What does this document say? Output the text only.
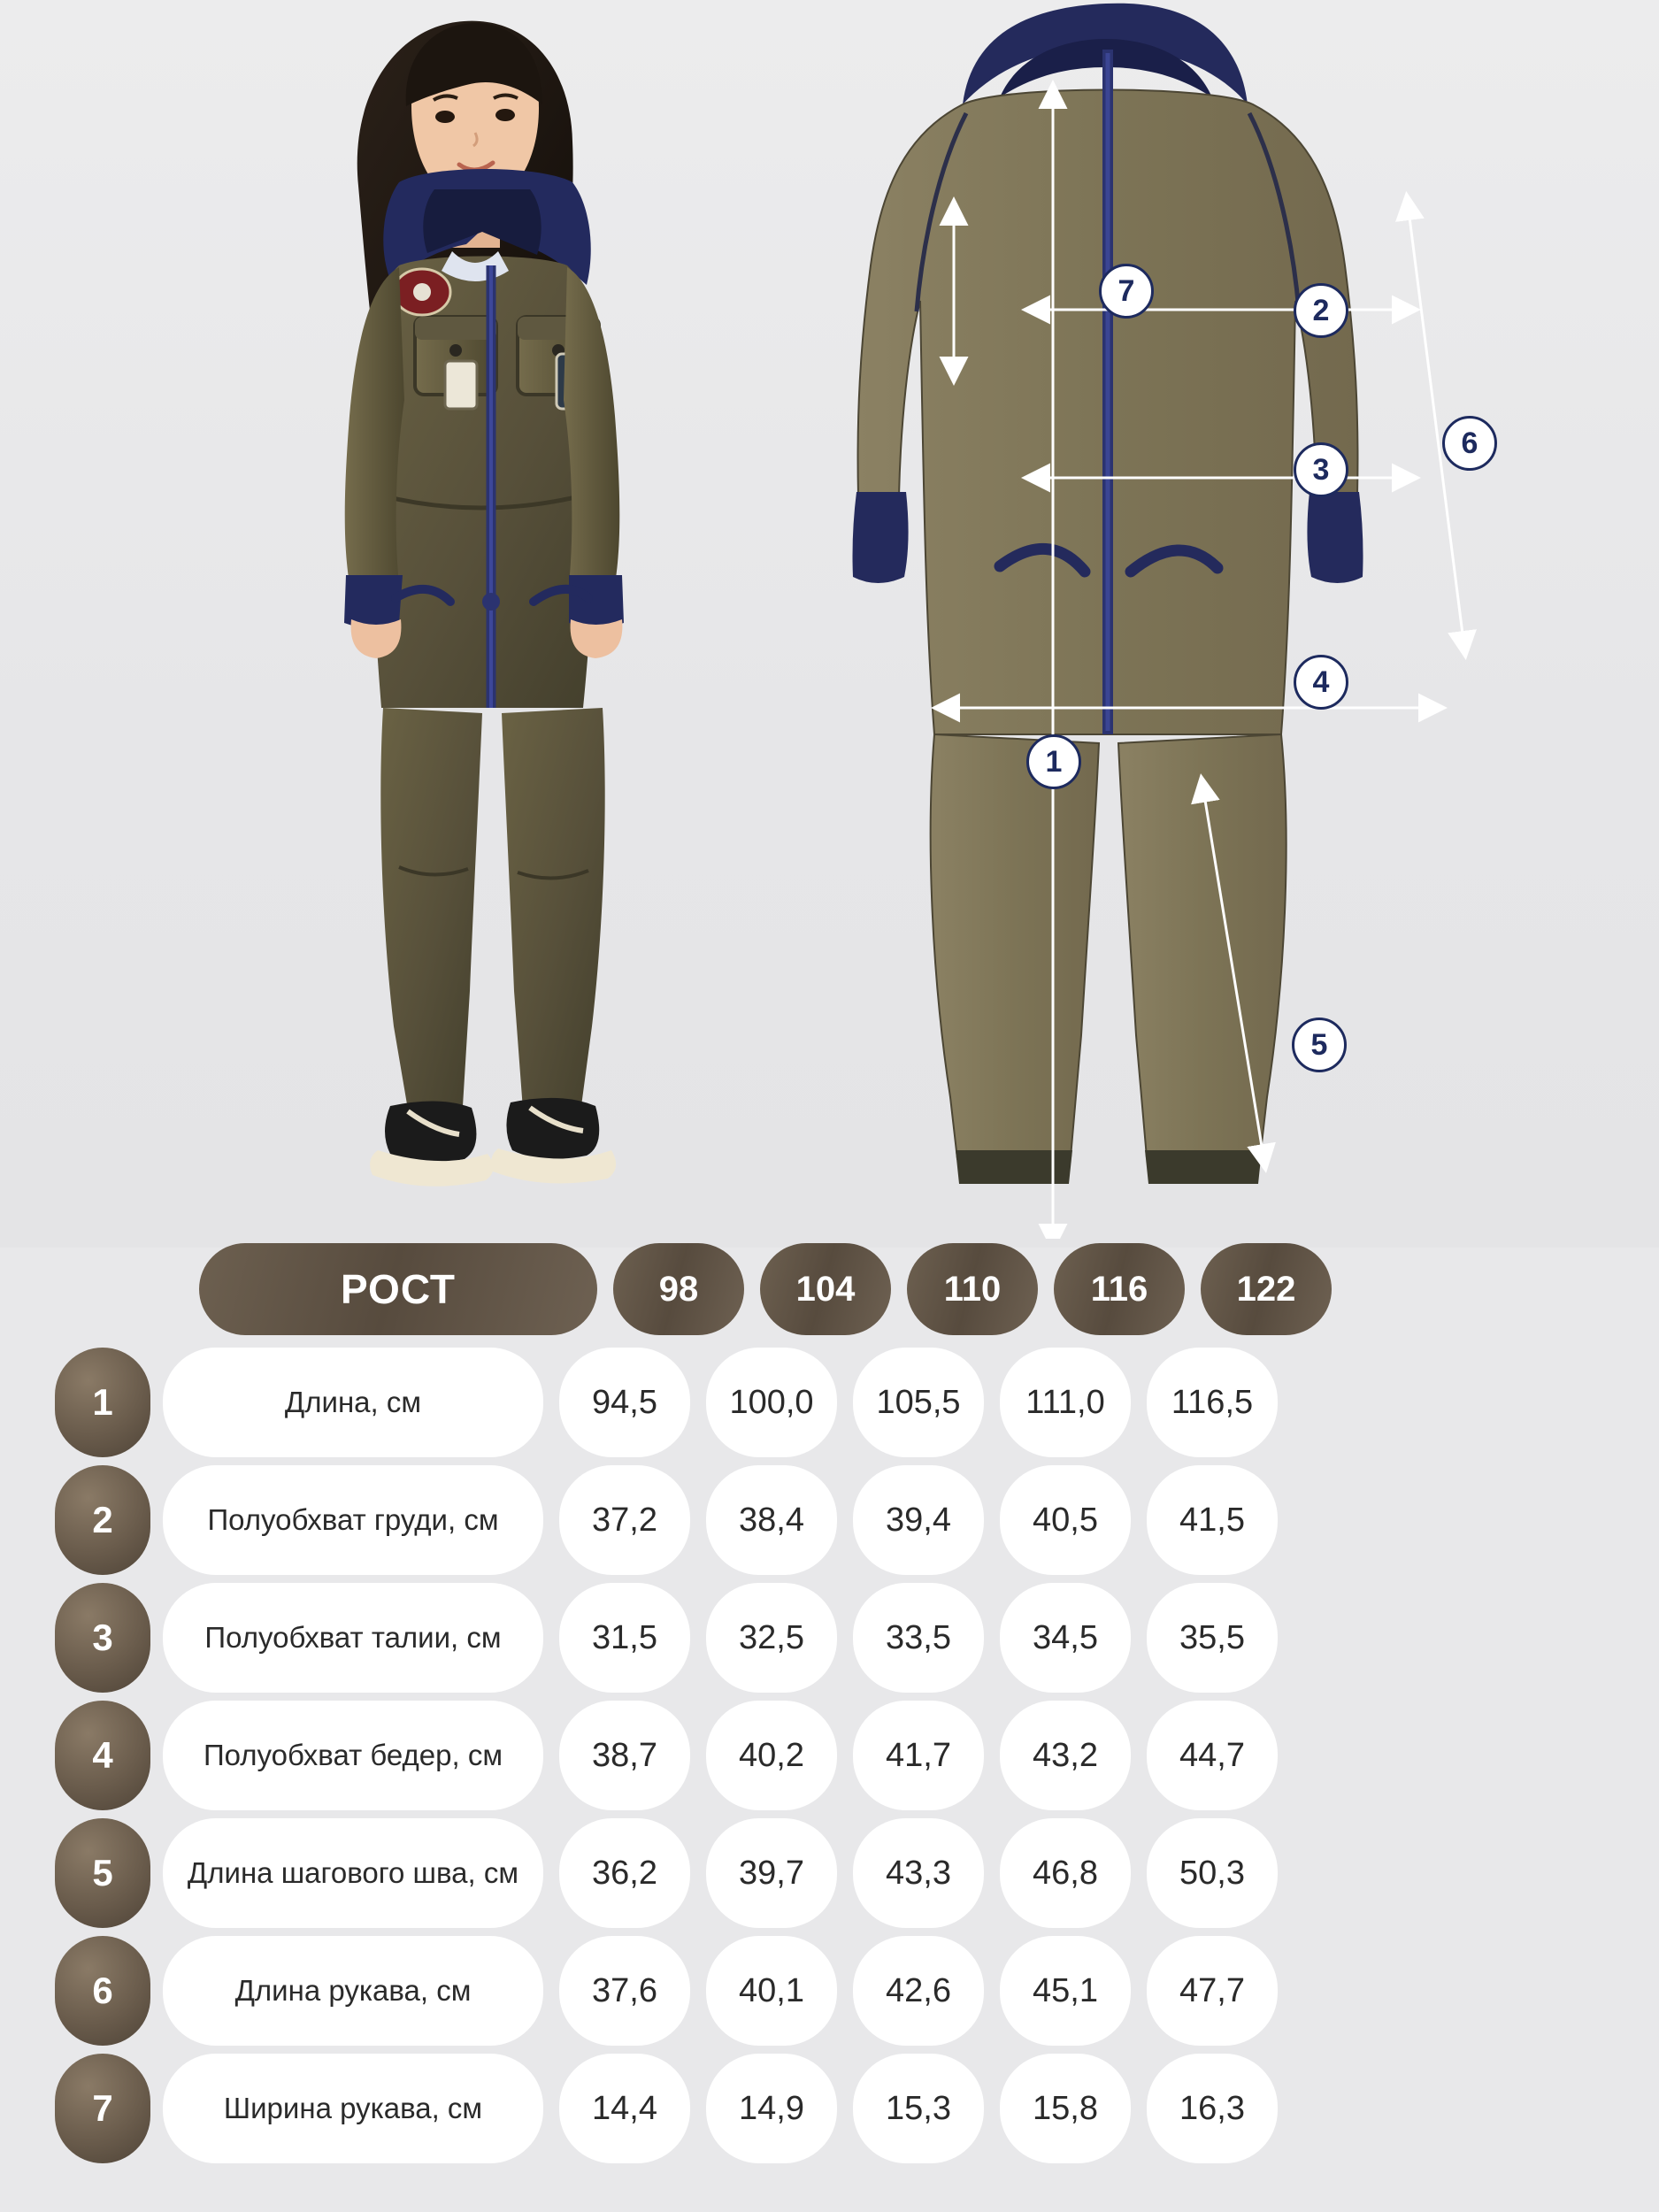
7
2
3
6
4
1
5
РОСТ	98	104	110	116	122
1	Длина, см	94,5	100,0	105,5	111,0	116,5
2	Полуобхват груди, см	37,2	38,4	39,4	40,5	41,5
3	Полуобхват талии, см	31,5	32,5	33,5	34,5	35,5
4	Полуобхват бедер, см	38,7	40,2	41,7	43,2	44,7
5	Длина шагового шва, см	36,2	39,7	43,3	46,8	50,3
6	Длина рукава, см	37,6	40,1	42,6	45,1	47,7
7	Ширина рукава, см	14,4	14,9	15,3	15,8	16,3
